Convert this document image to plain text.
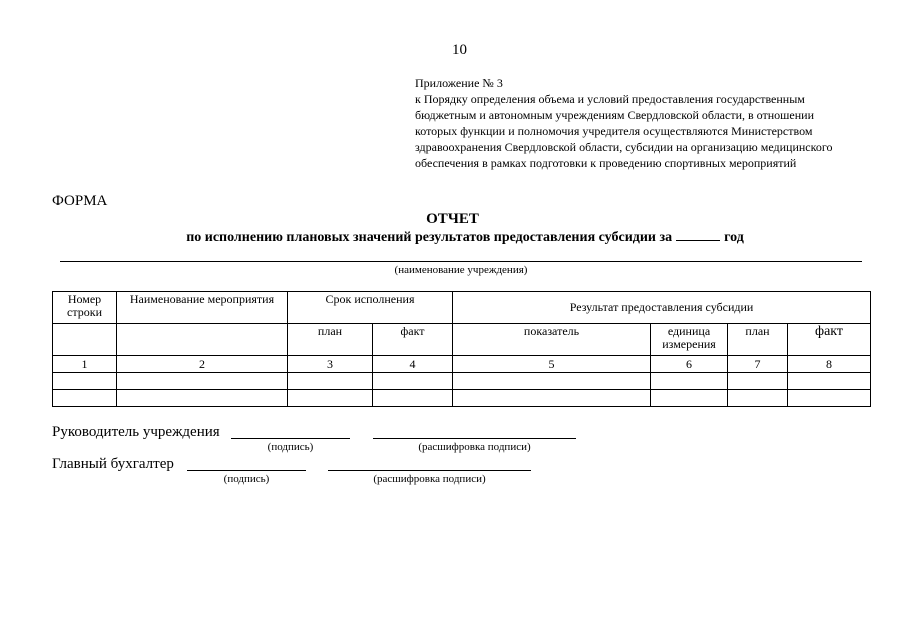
10
Приложение № 3
к Порядку определения объема и условий предоставления государственным
бюджетным и автономным учреждениям Свердловской области, в отношении
которых функции и полномочия учредителя осуществляются Министерством
здравоохранения Свердловской области, субсидии на организацию медицинского
обеспечения в рамках подготовки к проведению спортивных мероприятий
ФОРМА
ОТЧЕТ
по исполнению плановых значений результатов предоставления субсидии за	год
(наименование учреждения)
Номер строки	Наименование мероприятия	Срок исполнения		Результат предоставления субсидии			
		план	факт	показатель	единица измерения	план	факт
1	2	3	4	5	6	7	8

Руководитель учреждения
(подпись)	(расшифровка подписи)
Главный бухгалтер
(подпись)	(расшифровка подписи)
